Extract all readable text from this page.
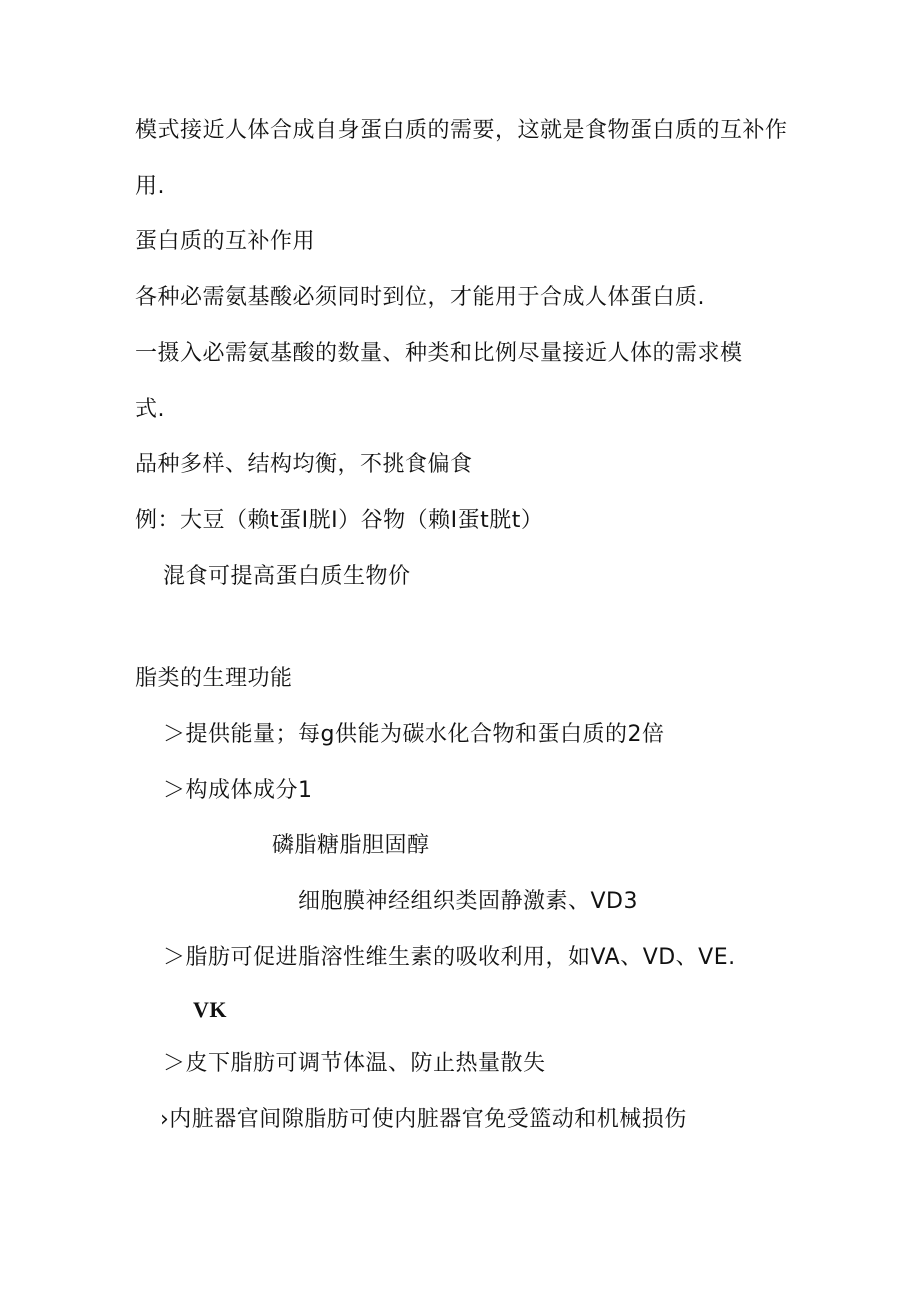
模式接近人体合成自身蛋白质的需要，这就是食物蛋白质的互补作
用.
蛋白质的互补作用
各种必需氨基酸必须同时到位，才能用于合成人体蛋白质.
一摄入必需氨基酸的数量、种类和比例尽量接近人体的需求模
式.
品种多样、结构均衡，不挑食偏食
例：大豆（赖t蛋I胱I）谷物（赖I蛋t胱t）
混食可提高蛋白质生物价
脂类的生理功能
＞提供能量；每g供能为碳水化合物和蛋白质的2倍
＞构成体成分1
磷脂糖脂胆固醇
细胞膜神经组织类固静激素、VD3
＞脂肪可促进脂溶性维生素的吸收利用，如VA、VD、VE.
VK
＞皮下脂肪可调节体温、防止热量散失
›内脏器官间隙脂肪可使内脏器官免受篮动和机械损伤
